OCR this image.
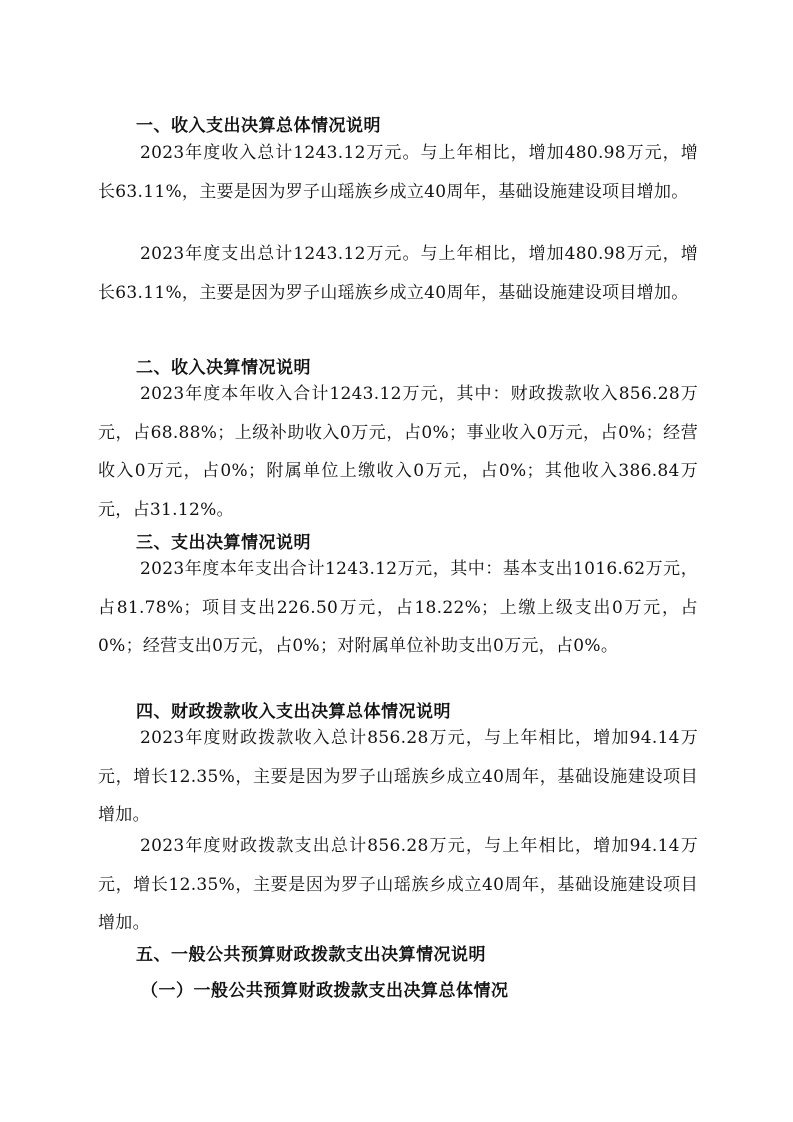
一、收入支出决算总体情况说明
2023年度收入总计1243.12万元。与上年相比，增加480.98万元，增长63.11%，主要是因为罗子山瑶族乡成立40周年，基础设施建设项目增加。
2023年度支出总计1243.12万元。与上年相比，增加480.98万元，增长63.11%，主要是因为罗子山瑶族乡成立40周年，基础设施建设项目增加。
二、收入决算情况说明
2023年度本年收入合计1243.12万元，其中：财政拨款收入856.28万元，占68.88%；上级补助收入0万元，占0%；事业收入0万元，占0%；经营收入0万元，占0%；附属单位上缴收入0万元，占0%；其他收入386.84万元，占31.12%。
三、支出决算情况说明
2023年度本年支出合计1243.12万元，其中：基本支出1016.62万元，占81.78%；项目支出226.50万元，占18.22%；上缴上级支出0万元，占0%；经营支出0万元，占0%；对附属单位补助支出0万元，占0%。
四、财政拨款收入支出决算总体情况说明
2023年度财政拨款收入总计856.28万元，与上年相比，增加94.14万元，增长12.35%，主要是因为罗子山瑶族乡成立40周年，基础设施建设项目增加。
2023年度财政拨款支出总计856.28万元，与上年相比，增加94.14万元，增长12.35%，主要是因为罗子山瑶族乡成立40周年，基础设施建设项目增加。
五、一般公共预算财政拨款支出决算情况说明
（一）一般公共预算财政拨款支出决算总体情况
